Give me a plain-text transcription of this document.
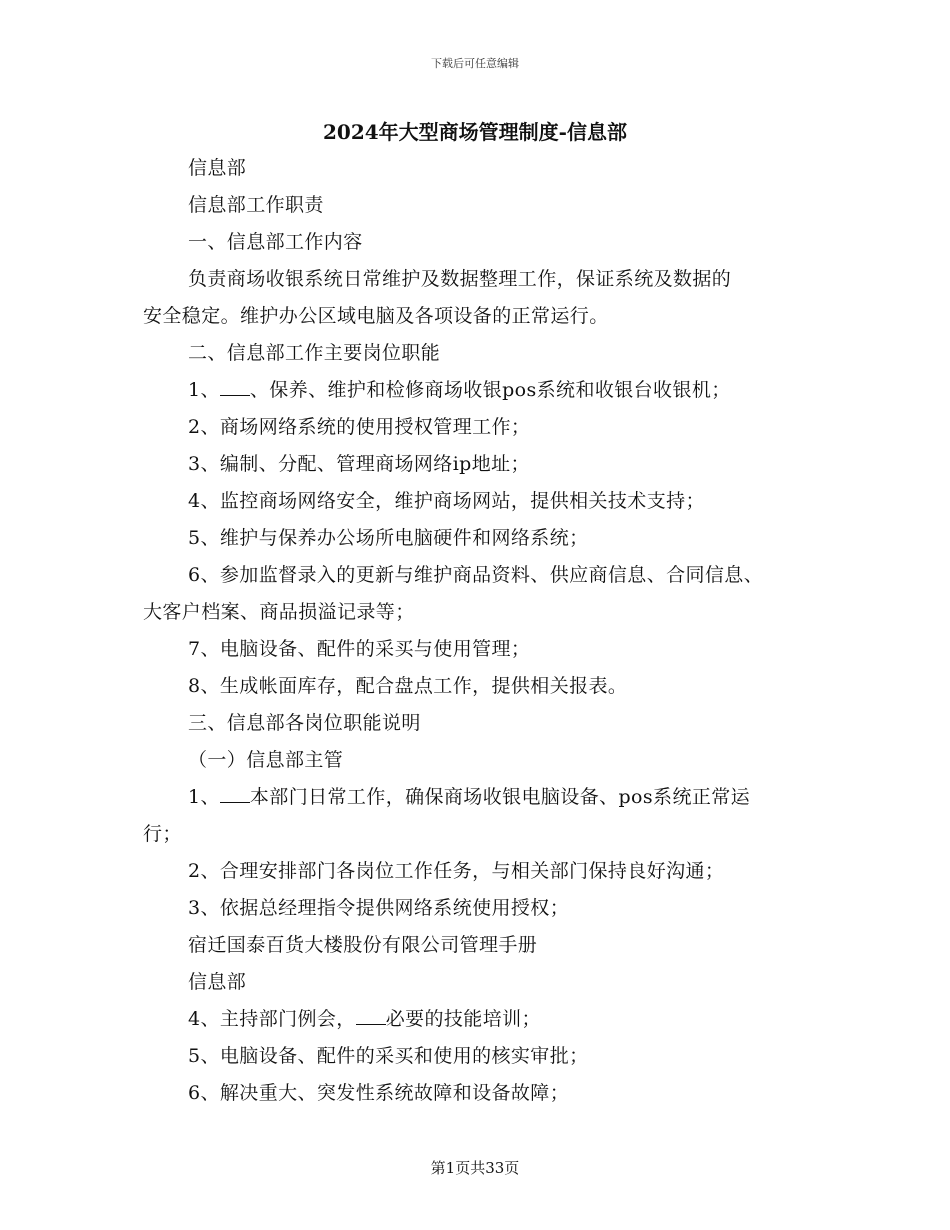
下载后可任意编辑
2024年大型商场管理制度-信息部
信息部
信息部工作职责
一、信息部工作内容
负责商场收银系统日常维护及数据整理工作，保证系统及数据的
安全稳定。维护办公区域电脑及各项设备的正常运行。
二、信息部工作主要岗位职能
1、 、保养、维护和检修商场收银pos系统和收银台收银机；
2、商场网络系统的使用授权管理工作；
3、编制、分配、管理商场网络ip地址；
4、监控商场网络安全，维护商场网站，提供相关技术支持；
5、维护与保养办公场所电脑硬件和网络系统；
6、参加监督录入的更新与维护商品资料、供应商信息、合同信息、
大客户档案、商品损溢记录等；
7、电脑设备、配件的采买与使用管理；
8、生成帐面库存，配合盘点工作，提供相关报表。
三、信息部各岗位职能说明
（一）信息部主管
1、 本部门日常工作，确保商场收银电脑设备、pos系统正常运
行；
2、合理安排部门各岗位工作任务，与相关部门保持良好沟通；
3、依据总经理指令提供网络系统使用授权；
宿迁国泰百货大楼股份有限公司管理手册
信息部
4、主持部门例会， 必要的技能培训；
5、电脑设备、配件的采买和使用的核实审批；
6、解决重大、突发性系统故障和设备故障；
第1页共33页
